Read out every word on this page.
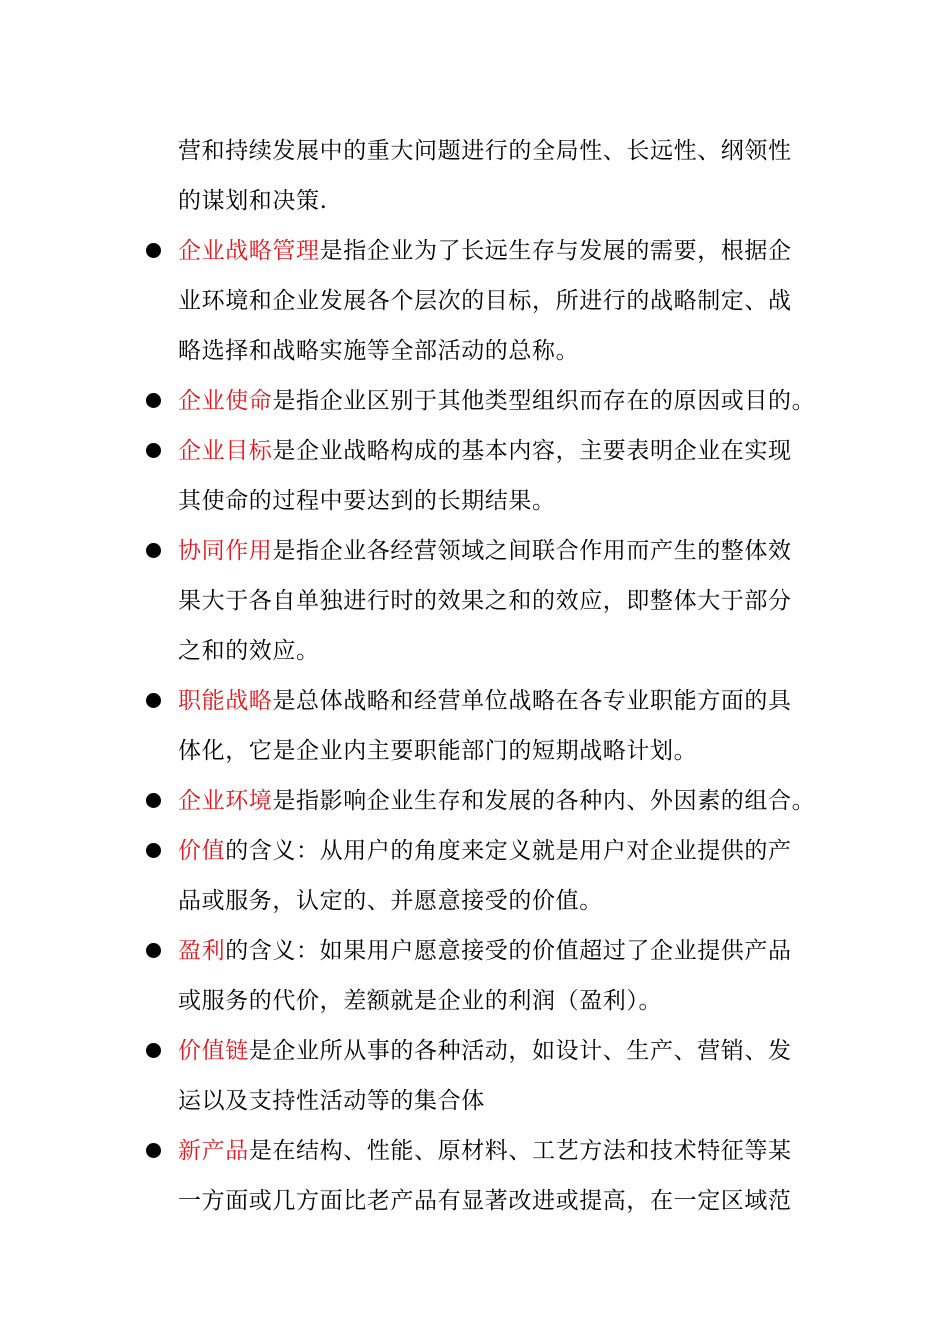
营和持续发展中的重大问题进行的全局性、长远性、纲领性
的谋划和决策.
企业战略管理是指企业为了长远生存与发展的需要，根据企
业环境和企业发展各个层次的目标，所进行的战略制定、战
略选择和战略实施等全部活动的总称。
企业使命是指企业区别于其他类型组织而存在的原因或目的。
企业目标是企业战略构成的基本内容，主要表明企业在实现
其使命的过程中要达到的长期结果。
协同作用是指企业各经营领域之间联合作用而产生的整体效
果大于各自单独进行时的效果之和的效应，即整体大于部分
之和的效应。
职能战略是总体战略和经营单位战略在各专业职能方面的具
体化，它是企业内主要职能部门的短期战略计划。
企业环境是指影响企业生存和发展的各种内、外因素的组合。
价值的含义：从用户的角度来定义就是用户对企业提供的产
品或服务，认定的、并愿意接受的价值。
盈利的含义：如果用户愿意接受的价值超过了企业提供产品
或服务的代价，差额就是企业的利润（盈利）。
价值链是企业所从事的各种活动，如设计、生产、营销、发
运以及支持性活动等的集合体
新产品是在结构、性能、原材料、工艺方法和技术特征等某
一方面或几方面比老产品有显著改进或提高，在一定区域范
